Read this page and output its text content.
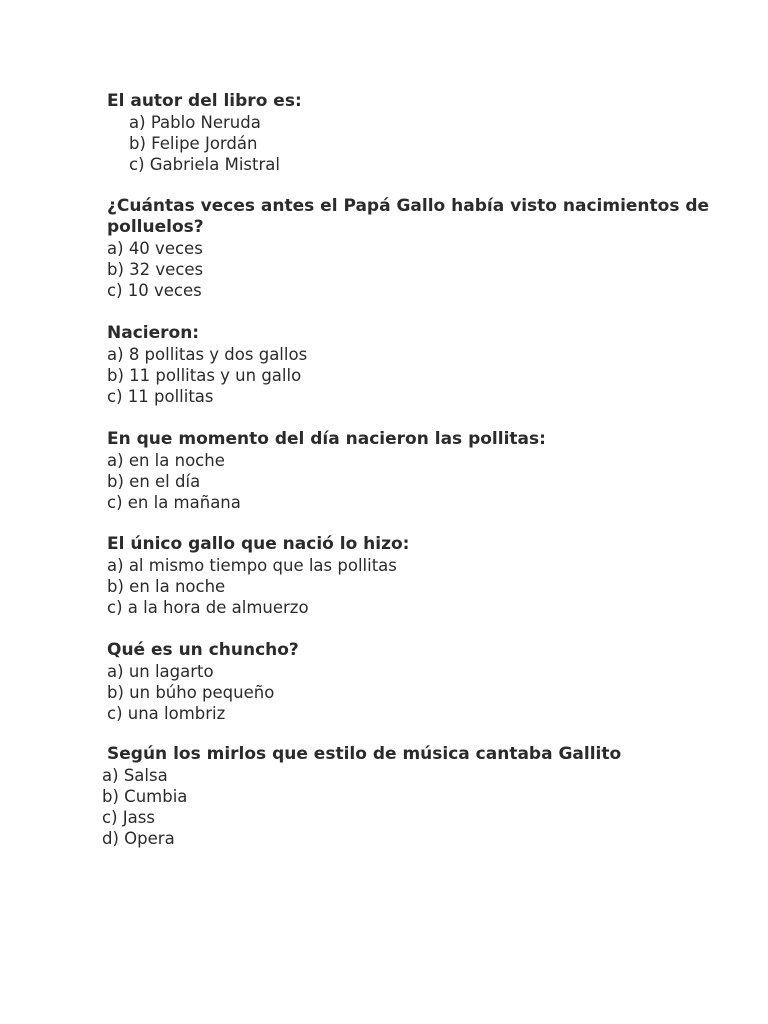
El autor del libro es:

a) Pablo Neruda
b) Felipe Jordán
c) Gabriela Mistral

¿Cuántas veces antes el Papá Gallo había visto nacimientos de polluelos?

a) 40 veces
b) 32 veces
c) 10 veces

Nacieron:

a) 8 pollitas y dos gallos
b) 11 pollitas y un gallo
c) 11 pollitas

En que momento del día nacieron las pollitas:

a) en la noche
b) en el día
c) en la mañana

El único gallo que nació lo hizo:

a) al mismo tiempo que las pollitas
b) en la noche
c) a la hora de almuerzo

Qué es un chuncho?

a) un lagarto
b) un búho pequeño
c) una lombriz

Según los mirlos que estilo de música cantaba Gallito

a) Salsa
b) Cumbia
c) Jass
d) Opera
